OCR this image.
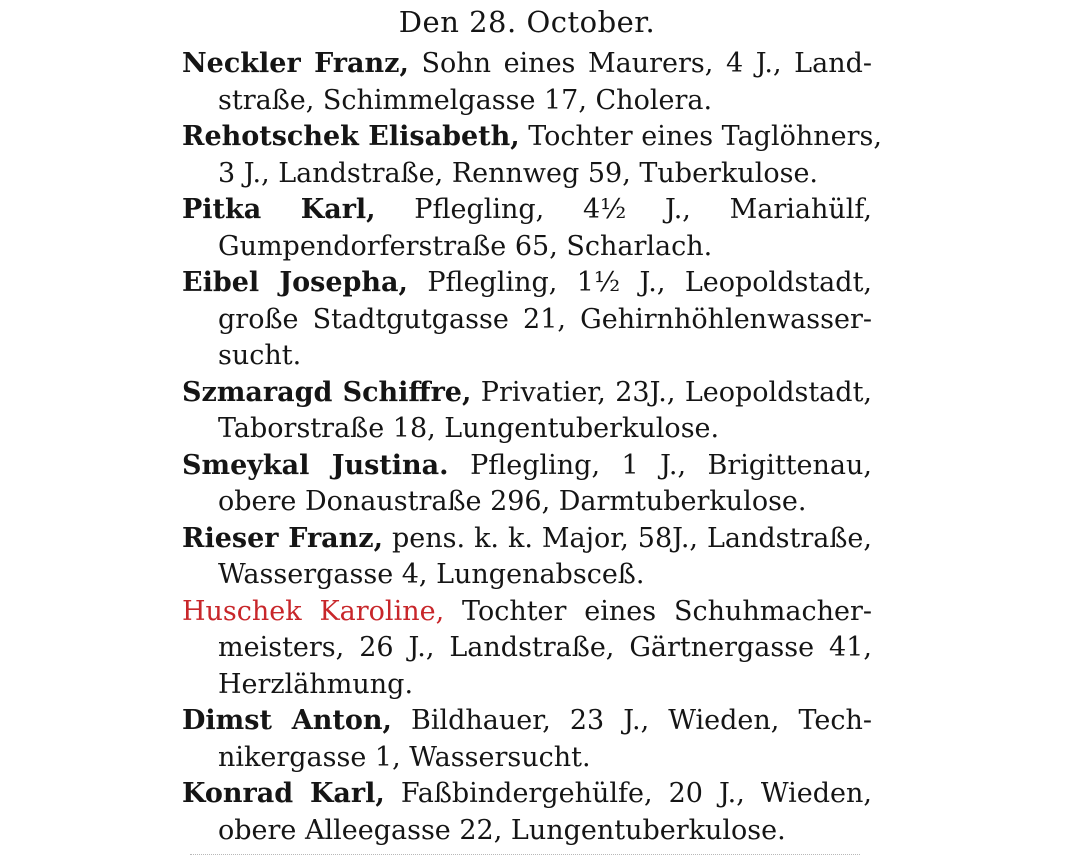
Den 28. October.
Neckler Franz, Sohn eines Maurers, 4 J., Land-
straße, Schimmelgasse 17, Cholera.
Rehotschek Elisabeth, Tochter eines Taglöhners,
3 J., Landstraße, Rennweg 59, Tuberkulose.
Pitka Karl, Pflegling, 4½ J., Mariahülf,
Gumpendorferstraße 65, Scharlach.
Eibel Josepha, Pflegling, 1½ J., Leopoldstadt,
große Stadtgutgasse 21, Gehirnhöhlenwasser-
sucht.
Szmaragd Schiffre, Privatier, 23J., Leopoldstadt,
Taborstraße 18, Lungentuberkulose.
Smeykal Justina. Pflegling, 1 J., Brigittenau,
obere Donaustraße 296, Darmtuberkulose.
Rieser Franz, pens. k. k. Major, 58J., Landstraße,
Wassergasse 4, Lungenabsceß.
Huschek Karoline, Tochter eines Schuhmacher-
meisters, 26 J., Landstraße, Gärtnergasse 41,
Herzlähmung.
Dimst Anton, Bildhauer, 23 J., Wieden, Tech-
nikergasse 1, Wassersucht.
Konrad Karl, Faßbindergehülfe, 20 J., Wieden,
obere Alleegasse 22, Lungentuberkulose.
